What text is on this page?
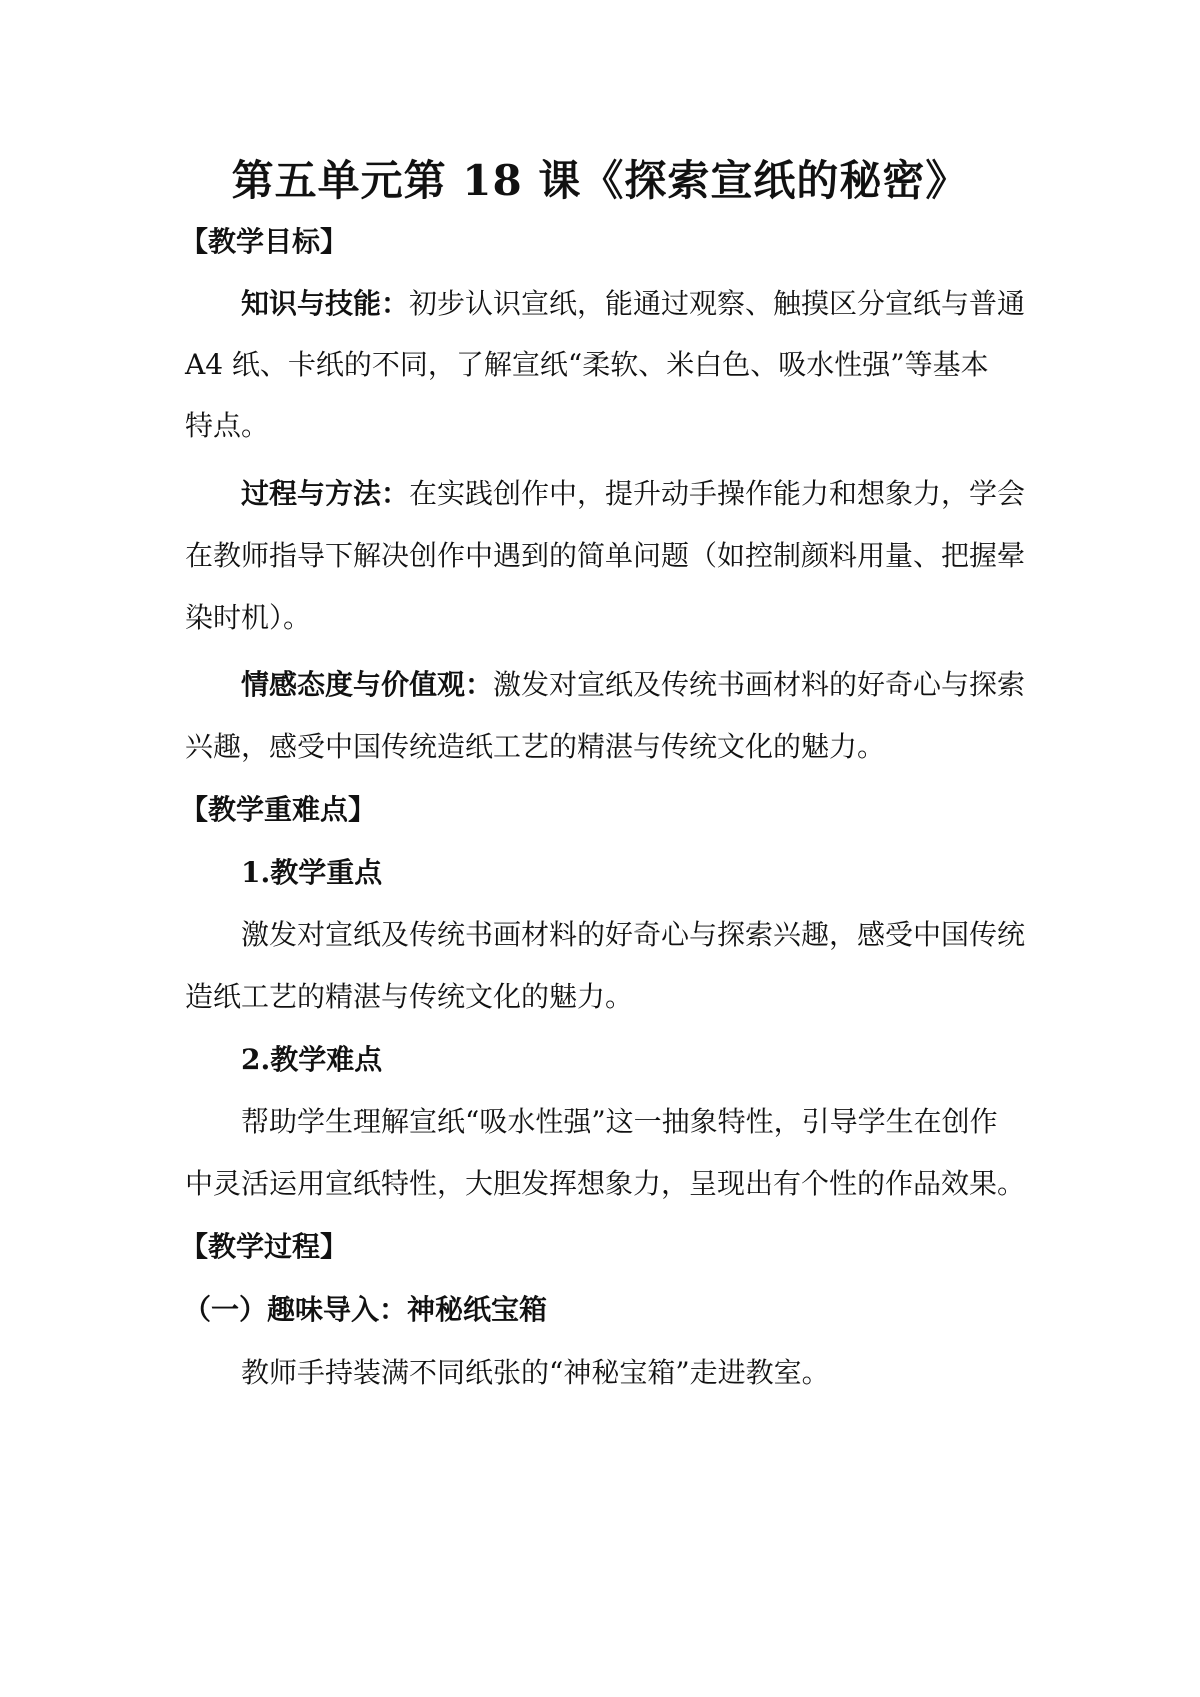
第五单元第 18 课《探索宣纸的秘密》
【教学目标】
知识与技能：初步认识宣纸，能通过观察、触摸区分宣纸与普通
A4 纸、卡纸的不同，了解宣纸“柔软、米白色、吸水性强”等基本
特点。
过程与方法：在实践创作中，提升动手操作能力和想象力，学会
在教师指导下解决创作中遇到的简单问题（如控制颜料用量、把握晕
染时机）。
情感态度与价值观：激发对宣纸及传统书画材料的好奇心与探索
兴趣，感受中国传统造纸工艺的精湛与传统文化的魅力。
【教学重难点】
1.教学重点
激发对宣纸及传统书画材料的好奇心与探索兴趣，感受中国传统
造纸工艺的精湛与传统文化的魅力。
2.教学难点
帮助学生理解宣纸“吸水性强”这一抽象特性，引导学生在创作
中灵活运用宣纸特性，大胆发挥想象力，呈现出有个性的作品效果。
【教学过程】
（一）趣味导入：神秘纸宝箱
教师手持装满不同纸张的“神秘宝箱”走进教室。
